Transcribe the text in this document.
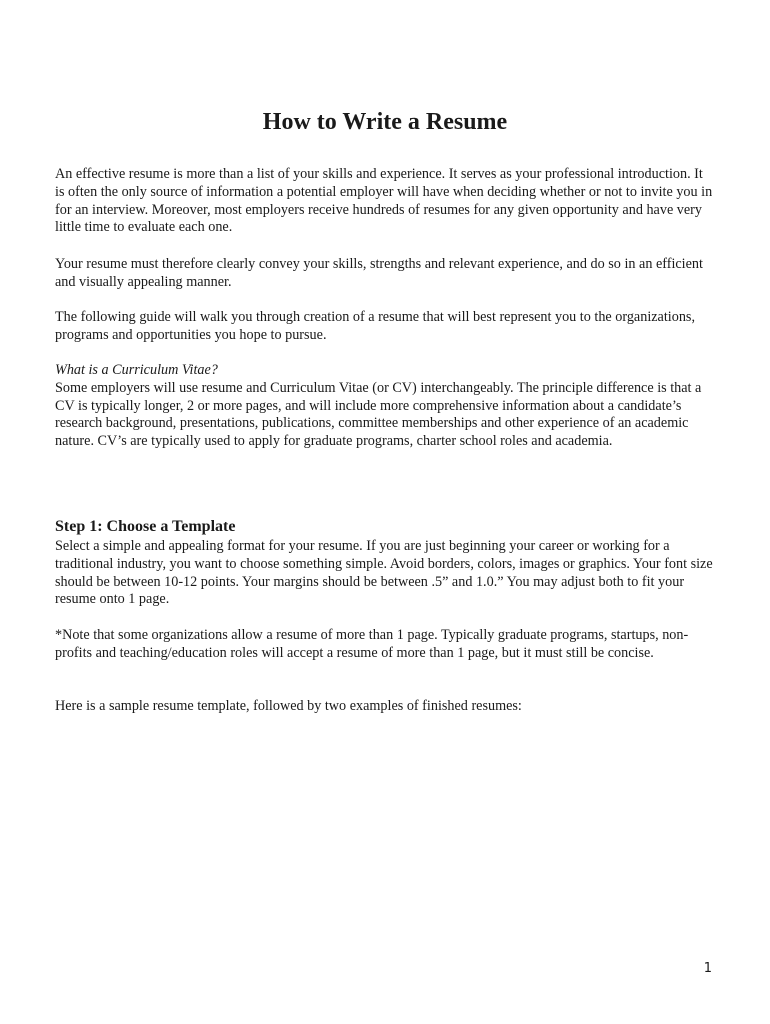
How to Write a Resume

An effective resume is more than a list of your skills and experience. It serves as your professional introduction. It is often the only source of information a potential employer will have when deciding whether or not to invite you in for an interview. Moreover, most employers receive hundreds of resumes for any given opportunity and have very little time to evaluate each one.

Your resume must therefore clearly convey your skills, strengths and relevant experience, and do so in an efficient and visually appealing manner.

The following guide will walk you through creation of a resume that will best represent you to the organizations, programs and opportunities you hope to pursue.

What is a Curriculum Vitae?

Some employers will use resume and Curriculum Vitae (or CV) interchangeably. The principle difference is that a CV is typically longer, 2 or more pages, and will include more comprehensive information about a candidate’s research background, presentations, publications, committee memberships and other experience of an academic nature. CV’s are typically used to apply for graduate programs, charter school roles and academia.

Step 1: Choose a Template

Select a simple and appealing format for your resume. If you are just beginning your career or working for a traditional industry, you want to choose something simple. Avoid borders, colors, images or graphics. Your font size should be between 10-12 points. Your margins should be between .5” and 1.0.” You may adjust both to fit your resume onto 1 page.

*Note that some organizations allow a resume of more than 1 page. Typically graduate programs, startups, non-profits and teaching/education roles will accept a resume of more than 1 page, but it must still be concise.

Here is a sample resume template, followed by two examples of finished resumes:

1
